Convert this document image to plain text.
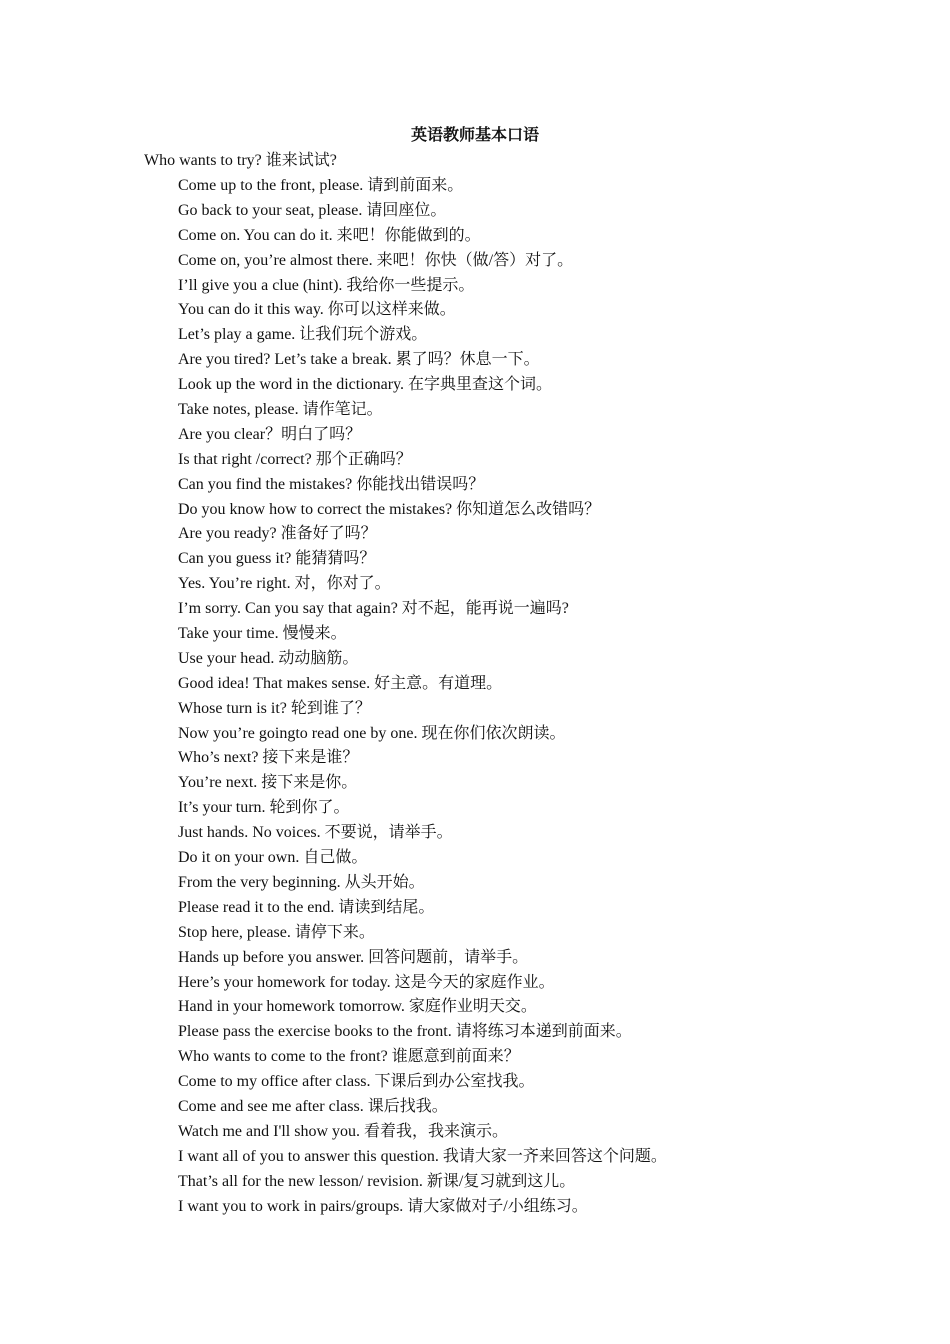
英语教师基本口语
Who wants to try? 谁来试试?
Come up to the front, please. 请到前面来。
Go back to your seat, please. 请回座位。
Come on. You can do it. 来吧！你能做到的。
Come on, you’re almost there. 来吧！你快（做/答）对了。
I’ll give you a clue (hint). 我给你一些提示。
You can do it this way. 你可以这样来做。
Let’s play a game. 让我们玩个游戏。
Are you tired? Let’s take a break. 累了吗？休息一下。
Look up the word in the dictionary. 在字典里查这个词。
Take notes, please. 请作笔记。
Are you clear？明白了吗？
Is that right /correct? 那个正确吗？
Can you find the mistakes? 你能找出错误吗？
Do you know how to correct the mistakes? 你知道怎么改错吗？
Are you ready? 准备好了吗？
Can you guess it? 能猜猜吗？
Yes. You’re right. 对，你对了。
I’m sorry. Can you say that again? 对不起，能再说一遍吗?
Take your time. 慢慢来。
Use your head. 动动脑筋。
Good idea! That makes sense. 好主意。有道理。
Whose turn is it? 轮到谁了？
Now you’re goingto read one by one. 现在你们依次朗读。
Who’s next? 接下来是谁？
You’re next. 接下来是你。
It’s your turn. 轮到你了。
Just hands. No voices. 不要说，请举手。
Do it on your own. 自己做。
From the very beginning. 从头开始。
Please read it to the end. 请读到结尾。
Stop here, please. 请停下来。
Hands up before you answer. 回答问题前，请举手。
Here’s your homework for today. 这是今天的家庭作业。
Hand in your homework tomorrow. 家庭作业明天交。
Please pass the exercise books to the front. 请将练习本递到前面来。
Who wants to come to the front? 谁愿意到前面来？
Come to my office after class. 下课后到办公室找我。
Come and see me after class. 课后找我。
Watch me and I'll show you. 看着我，我来演示。
I want all of you to answer this question. 我请大家一齐来回答这个问题。
That’s all for the new lesson/ revision. 新课/复习就到这儿。
I want you to work in pairs/groups. 请大家做对子/小组练习。
